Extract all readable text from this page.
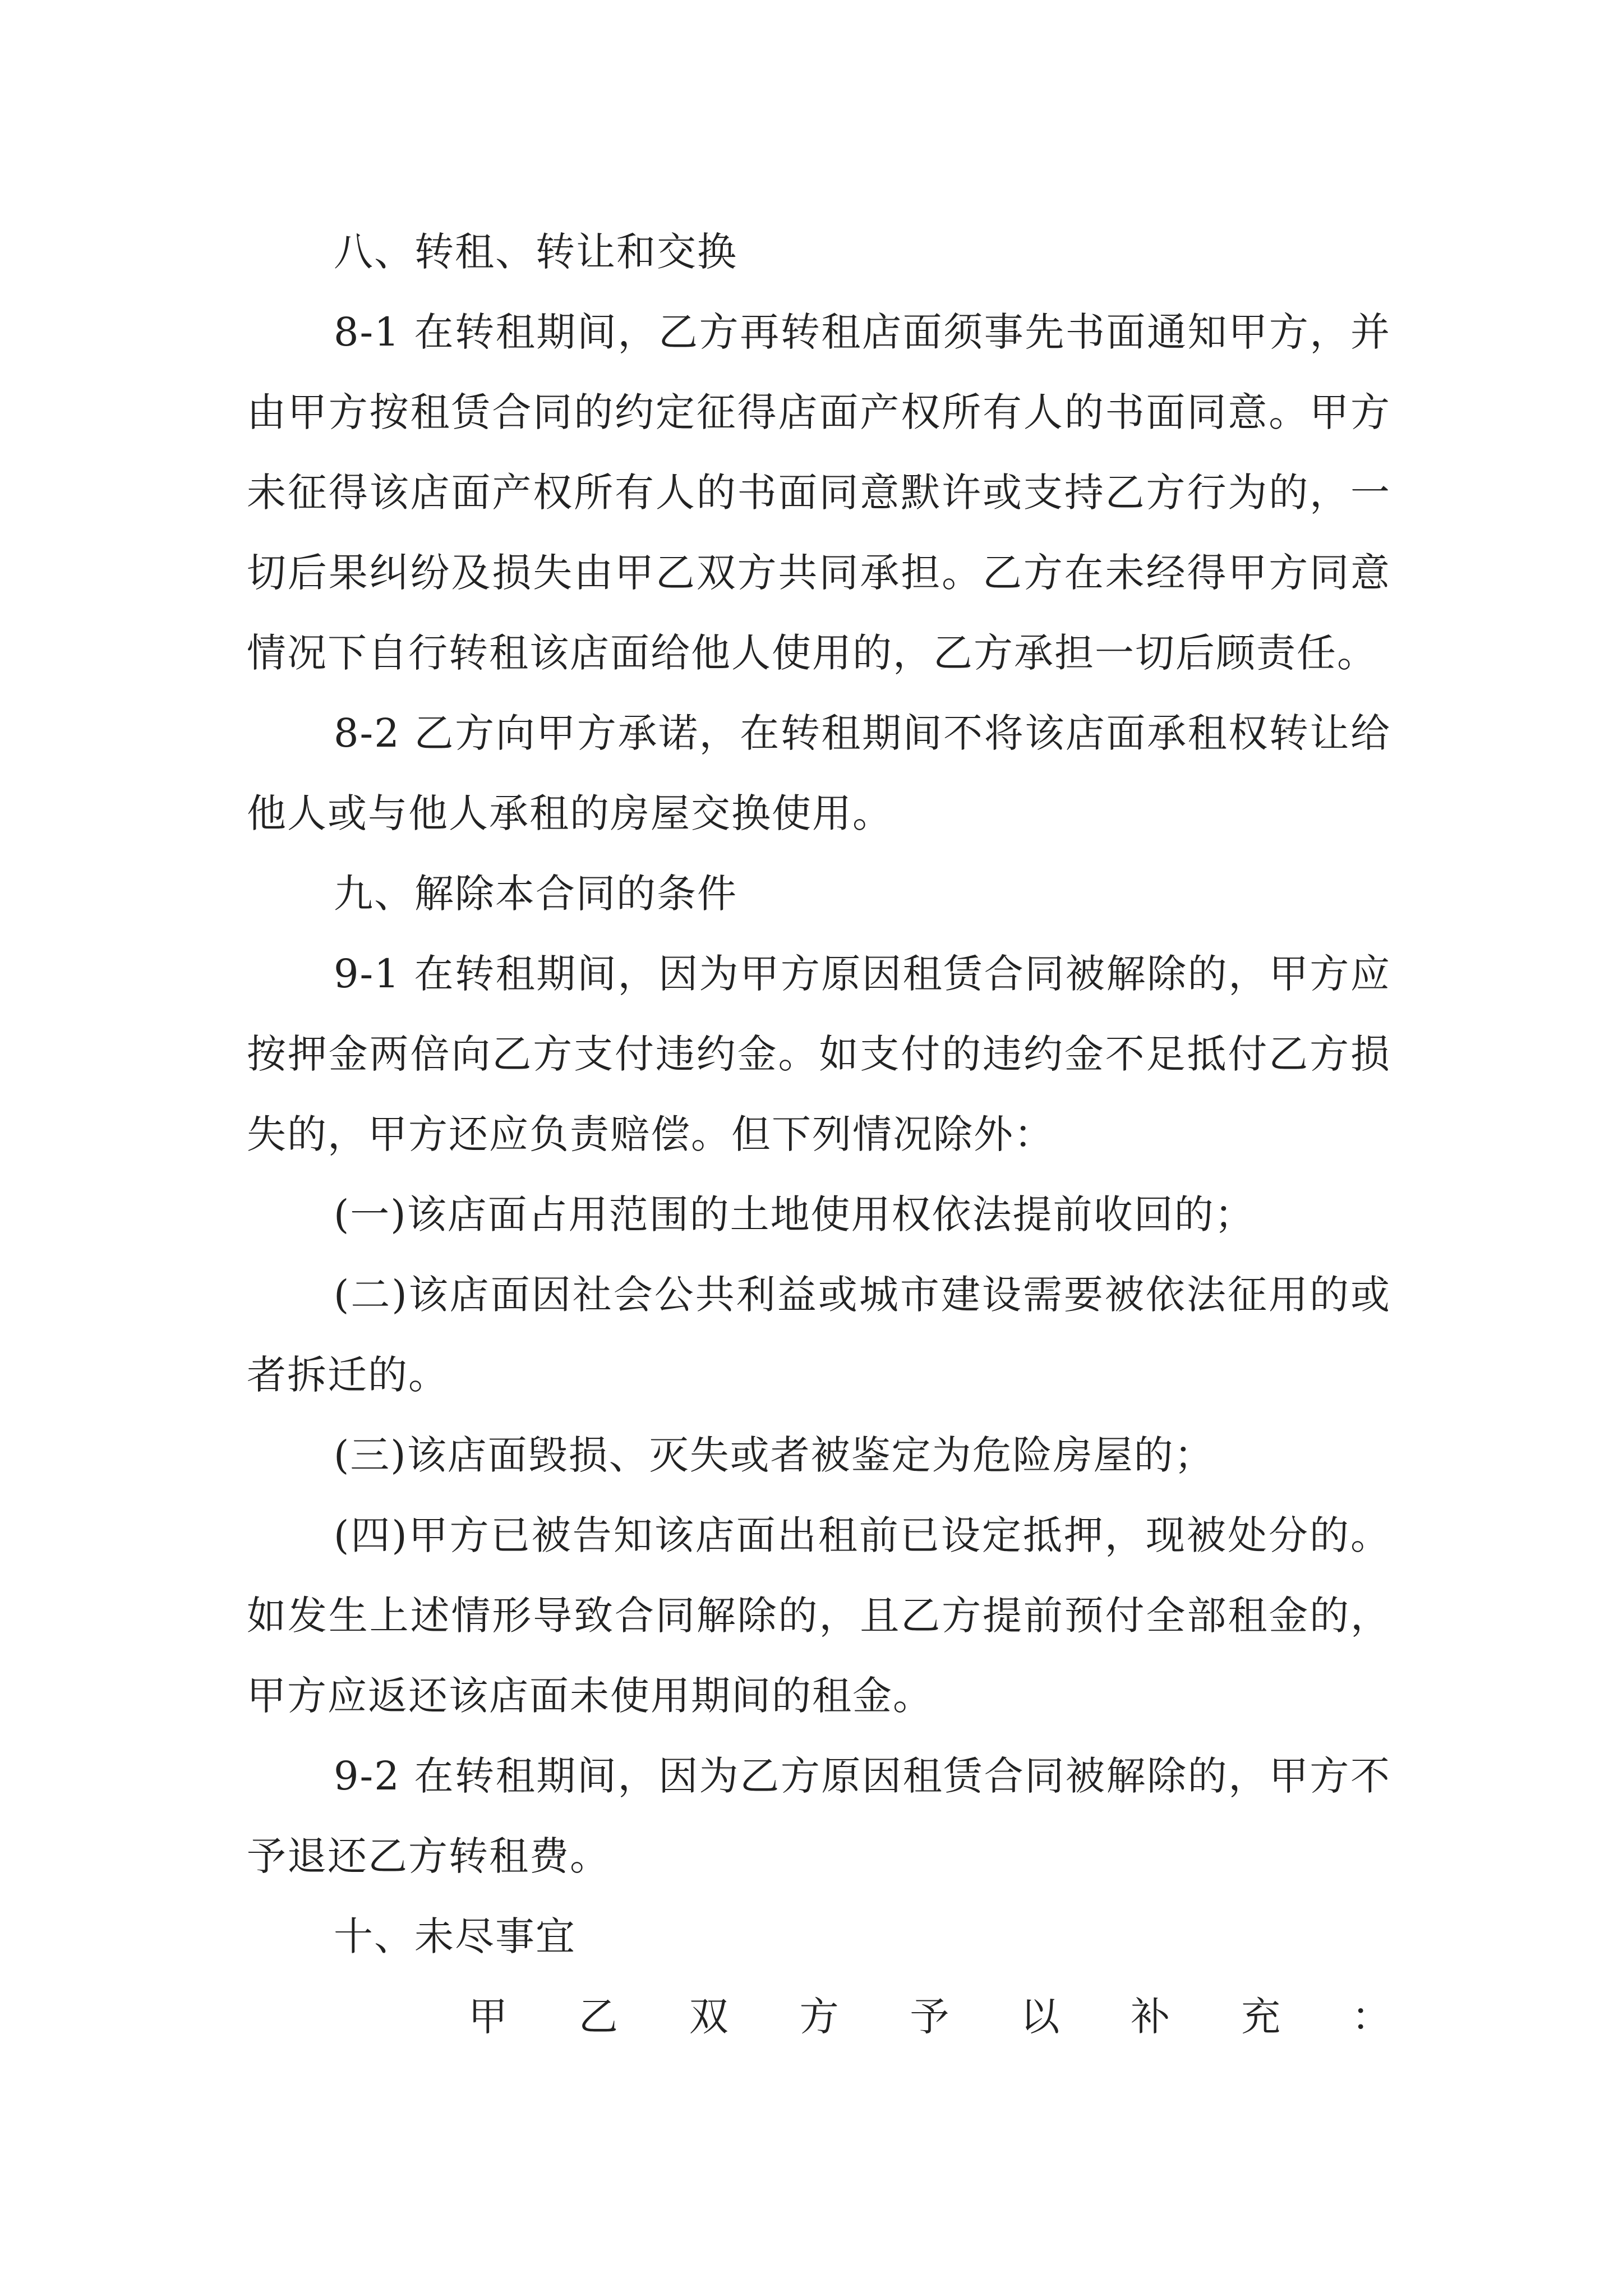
八、转租、转让和交换

8-1 在转租期间，乙方再转租店面须事先书面通知甲方，并由甲方按租赁合同的约定征得店面产权所有人的书面同意。甲方未征得该店面产权所有人的书面同意默许或支持乙方行为的，一切后果纠纷及损失由甲乙双方共同承担。乙方在未经得甲方同意情况下自行转租该店面给他人使用的，乙方承担一切后顾责任。

8-2 乙方向甲方承诺，在转租期间不将该店面承租权转让给他人或与他人承租的房屋交换使用。

九、解除本合同的条件

9-1 在转租期间，因为甲方原因租赁合同被解除的，甲方应按押金两倍向乙方支付违约金。如支付的违约金不足抵付乙方损失的，甲方还应负责赔偿。但下列情况除外：

(一)该店面占用范围的土地使用权依法提前收回的；

(二)该店面因社会公共利益或城市建设需要被依法征用的或者拆迁的。

(三)该店面毁损、灭失或者被鉴定为危险房屋的；

(四)甲方已被告知该店面出租前已设定抵押，现被处分的。如发生上述情形导致合同解除的，且乙方提前预付全部租金的，甲方应返还该店面未使用期间的租金。

9-2 在转租期间，因为乙方原因租赁合同被解除的，甲方不予退还乙方转租费。

十、未尽事宜

甲 乙 双 方 予 以 补 充 ：
